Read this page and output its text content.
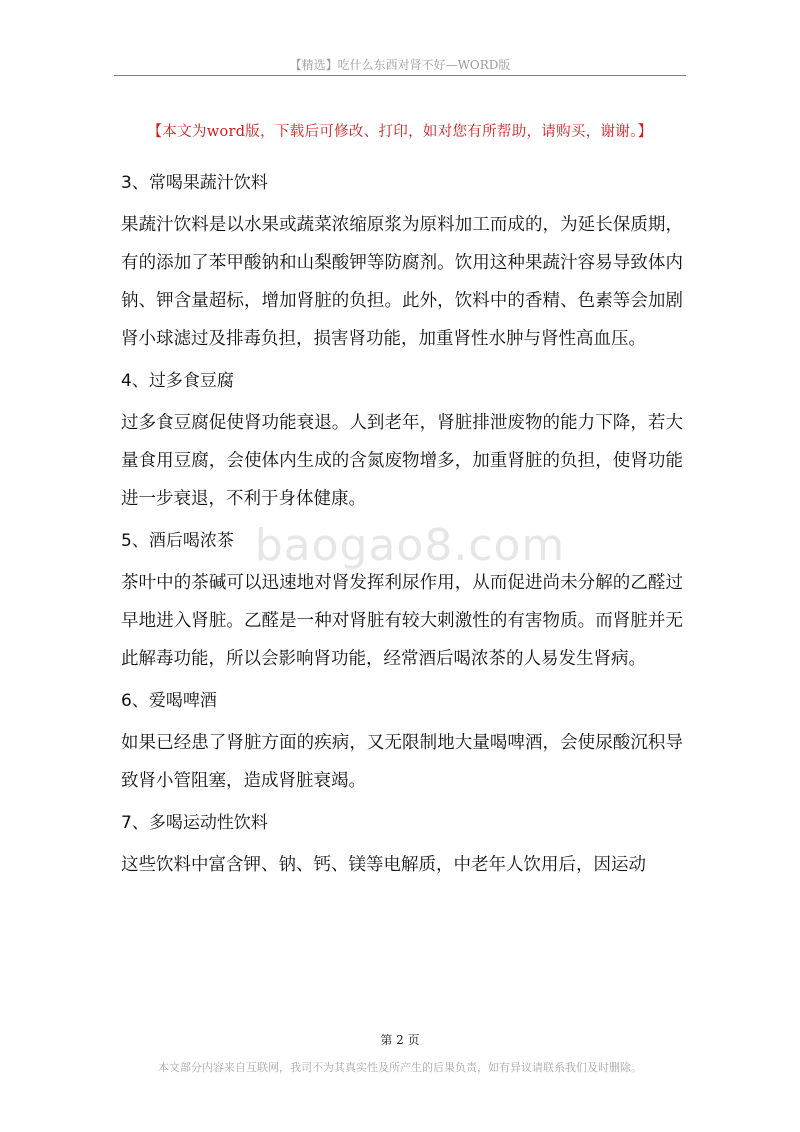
【精选】吃什么东西对肾不好—WORD版
【本文为word版，下载后可修改、打印，如对您有所帮助，请购买，谢谢。】
3、常喝果蔬汁饮料

果蔬汁饮料是以水果或蔬菜浓缩原浆为原料加工而成的，为延长保质期，有的添加了苯甲酸钠和山梨酸钾等防腐剂。饮用这种果蔬汁容易导致体内钠、钾含量超标，增加肾脏的负担。此外，饮料中的香精、色素等会加剧肾小球滤过及排毒负担，损害肾功能，加重肾性水肿与肾性高血压。

4、过多食豆腐

过多食豆腐促使肾功能衰退。人到老年，肾脏排泄废物的能力下降，若大量食用豆腐，会使体内生成的含氮废物增多，加重肾脏的负担，使肾功能进一步衰退，不利于身体健康。

5、酒后喝浓茶

茶叶中的茶碱可以迅速地对肾发挥利尿作用，从而促进尚未分解的乙醛过早地进入肾脏。乙醛是一种对肾脏有较大刺激性的有害物质。而肾脏并无此解毒功能，所以会影响肾功能，经常酒后喝浓茶的人易发生肾病。

6、爱喝啤酒

如果已经患了肾脏方面的疾病，又无限制地大量喝啤酒，会使尿酸沉积导致肾小管阻塞，造成肾脏衰竭。

7、多喝运动性饮料

这些饮料中富含钾、钠、钙、镁等电解质，中老年人饮用后，因运动

baogao8.com
第 2 页
本文部分内容来自互联网，我司不为其真实性及所产生的后果负责，如有异议请联系我们及时删除。
